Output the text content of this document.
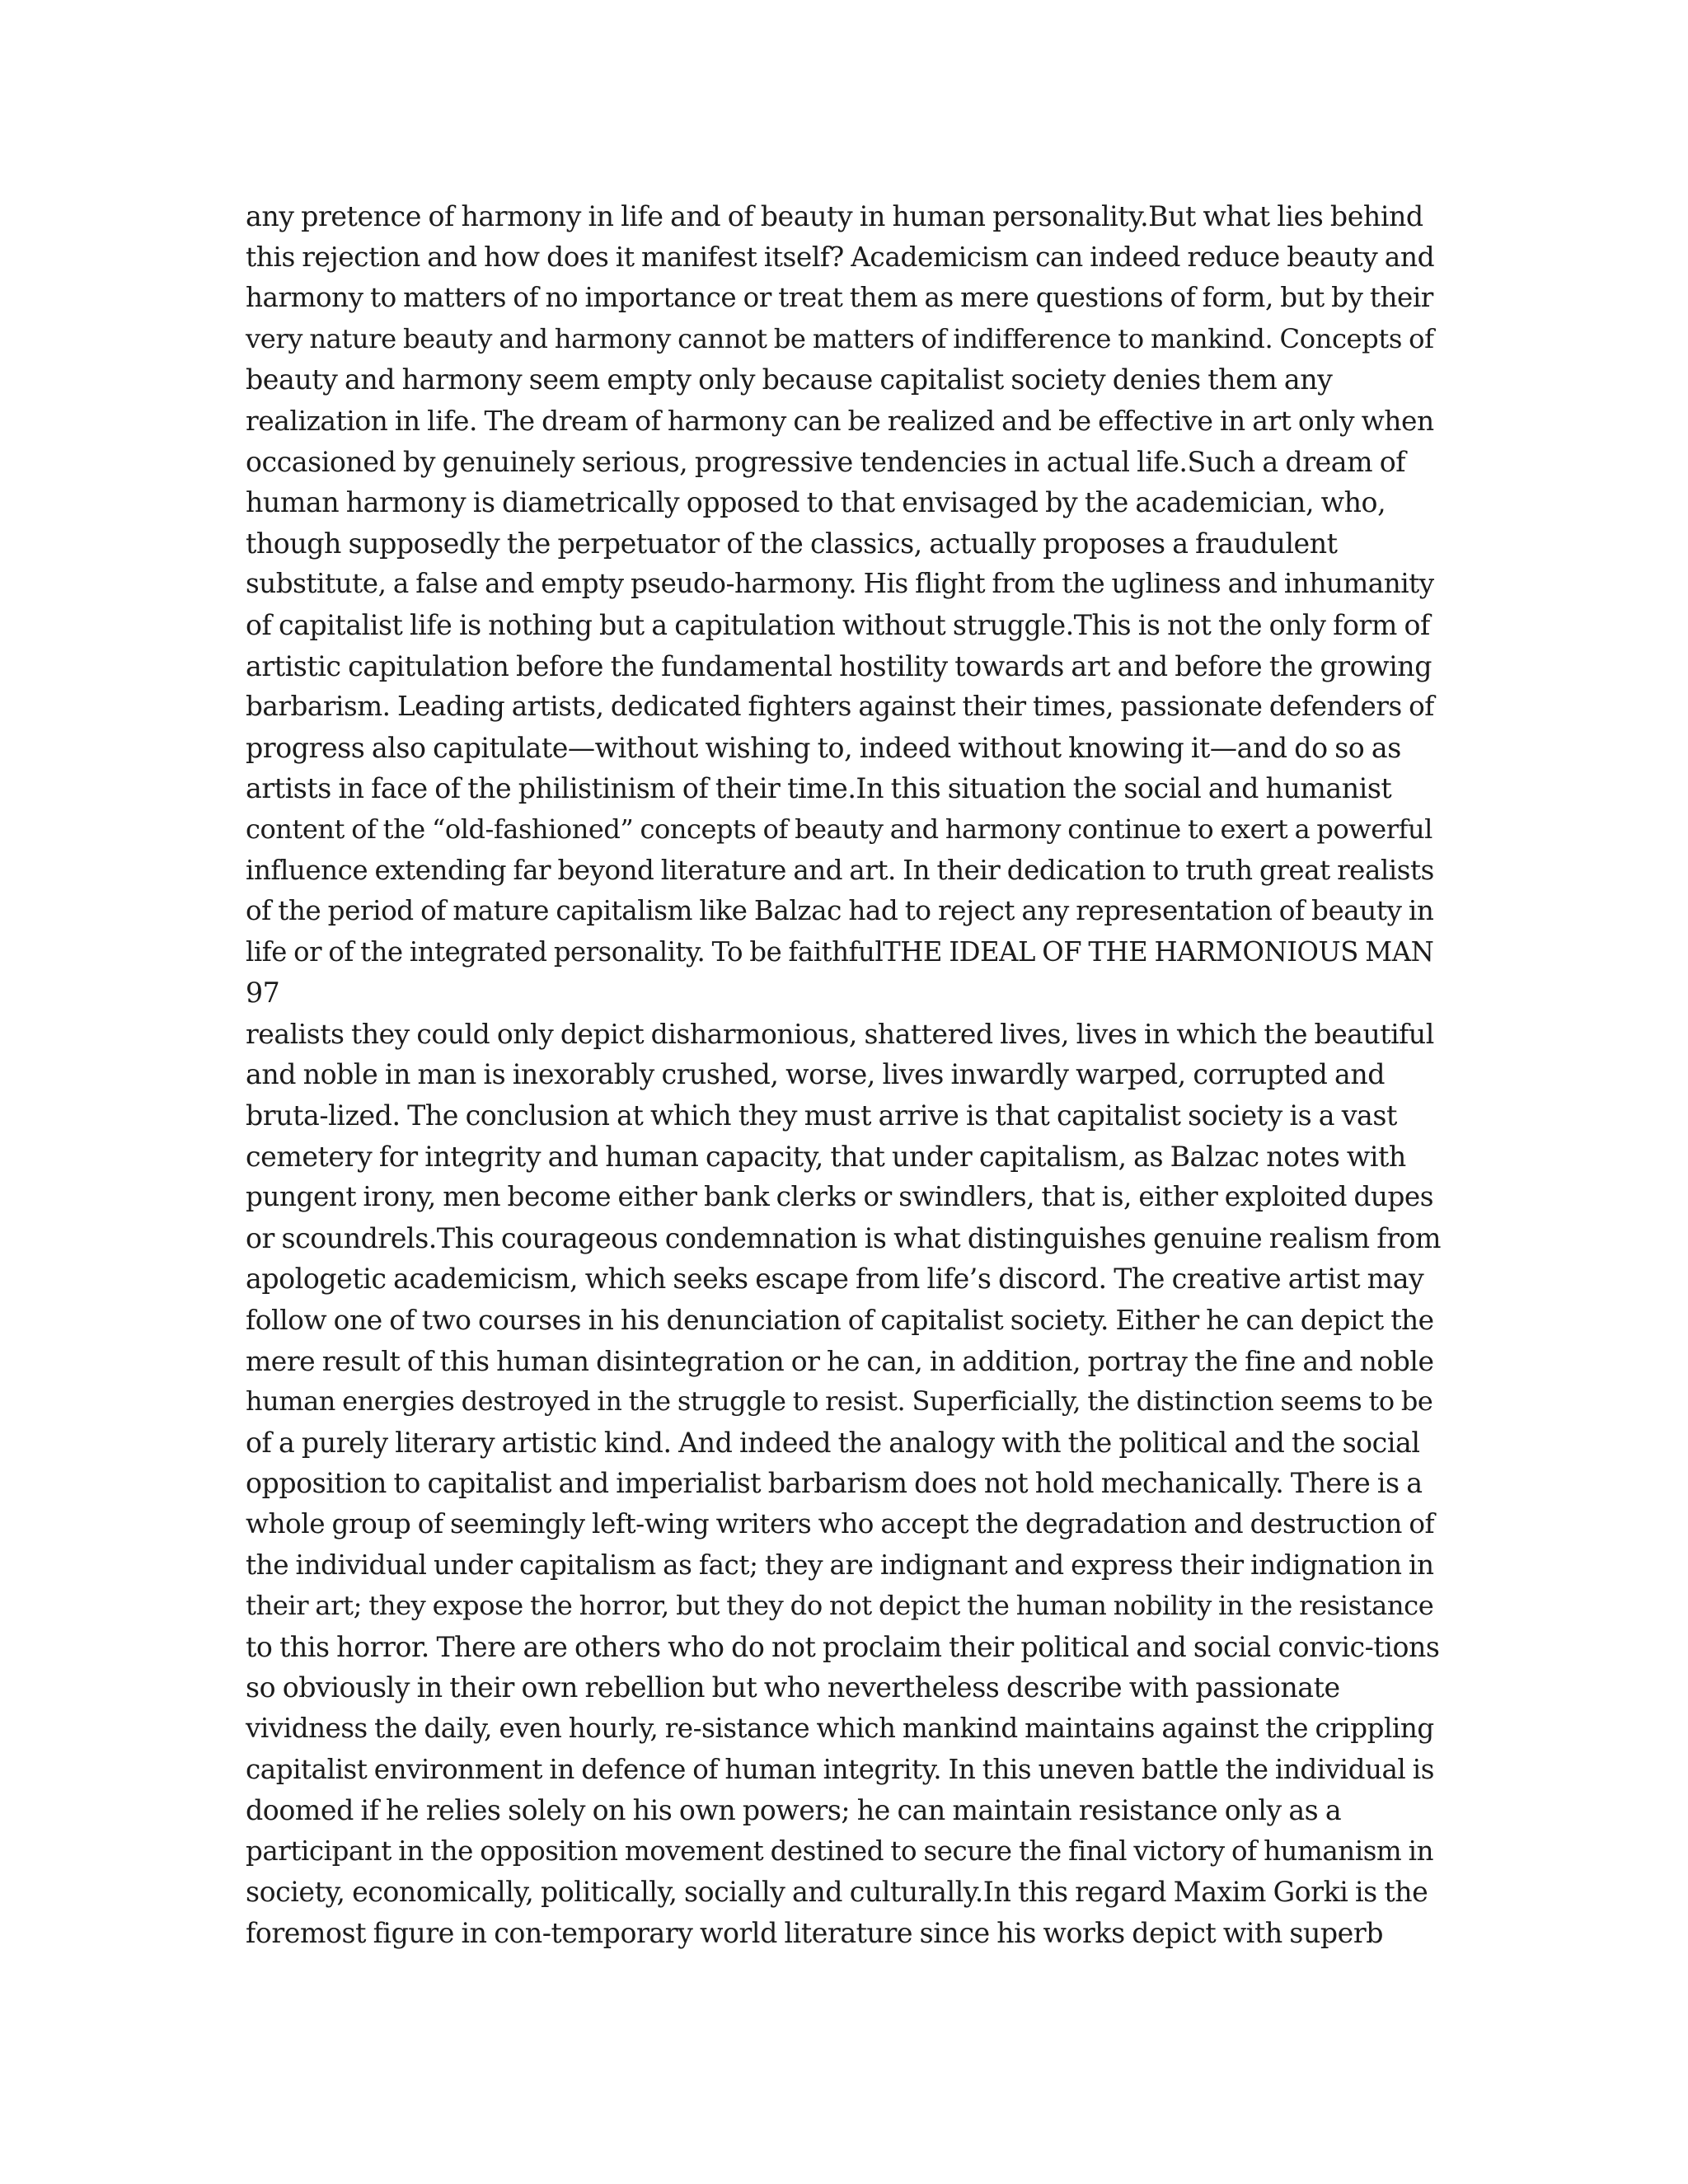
any pretence of harmony in life and of beauty in human personality.But what lies behind
this rejection and how does it manifest itself? Academicism can indeed reduce beauty and
harmony to matters of no importance or treat them as mere questions of form, but by their
very nature beauty and harmony cannot be matters of indifference to mankind. Concepts of
beauty and harmony seem empty only because capitalist society denies them any
realization in life. The dream of harmony can be realized and be effective in art only when
occasioned by genuinely serious, progressive tendencies in actual life.Such a dream of
human harmony is diametrically opposed to that envisaged by the academician, who,
though supposedly the perpetuator of the classics, actually proposes a fraudulent
substitute, a false and empty pseudo-harmony. His flight from the ugliness and inhumanity
of capitalist life is nothing but a capitulation without struggle.This is not the only form of
artistic capitulation before the fundamental hostility towards art and before the growing
barbarism. Leading artists, dedicated fighters against their times, passionate defenders of
progress also capitulate—without wishing to, indeed without knowing it—and do so as
artists in face of the philistinism of their time.In this situation the social and humanist
content of the “old-fashioned” concepts of beauty and harmony continue to exert a powerful
influence extending far beyond literature and art. In their dedication to truth great realists
of the period of mature capitalism like Balzac had to reject any representation of beauty in
life or of the integrated personality. To be faithfulTHE IDEAL OF THE HARMONIOUS MAN
97
realists they could only depict disharmonious, shattered lives, lives in which the beautiful
and noble in man is inexorably crushed, worse, lives inwardly warped, corrupted and
bruta-lized. The conclusion at which they must arrive is that capitalist society is a vast
cemetery for integrity and human capacity, that under capitalism, as Balzac notes with
pungent irony, men become either bank clerks or swindlers, that is, either exploited dupes
or scoundrels.This courageous condemnation is what distinguishes genuine realism from
apologetic academicism, which seeks escape from life’s discord. The creative artist may
follow one of two courses in his denunciation of capitalist society. Either he can depict the
mere result of this human disintegration or he can, in addition, portray the fine and noble
human energies destroyed in the struggle to resist. Superficially, the distinction seems to be
of a purely literary artistic kind. And indeed the analogy with the political and the social
opposition to capitalist and imperialist barbarism does not hold mechanically. There is a
whole group of seemingly left-wing writers who accept the degradation and destruction of
the individual under capitalism as fact; they are indignant and express their indignation in
their art; they expose the horror, but they do not depict the human nobility in the resistance
to this horror. There are others who do not proclaim their political and social convic-tions
so obviously in their own rebellion but who nevertheless describe with passionate
vividness the daily, even hourly, re-sistance which mankind maintains against the crippling
capitalist environment in defence of human integrity. In this uneven battle the individual is
doomed if he relies solely on his own powers; he can maintain resistance only as a
participant in the opposition movement destined to secure the final victory of humanism in
society, economically, politically, socially and culturally.In this regard Maxim Gorki is the
foremost figure in con-temporary world literature since his works depict with superb
